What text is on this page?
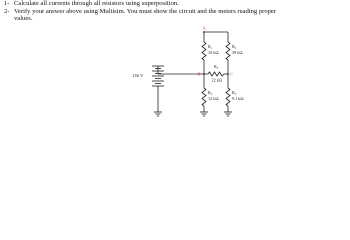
1- Calculate all currents through all resistors using superposition.
2- Verify your answer above using Multisim. You must show the circuit and the meters reading proper
values.
A
B	C
136 V
R₁
10 kΩ
R₂
39 kΩ
R₃
22 kΩ
R₄
12 kΩ
R₅
9.1 kΩ
